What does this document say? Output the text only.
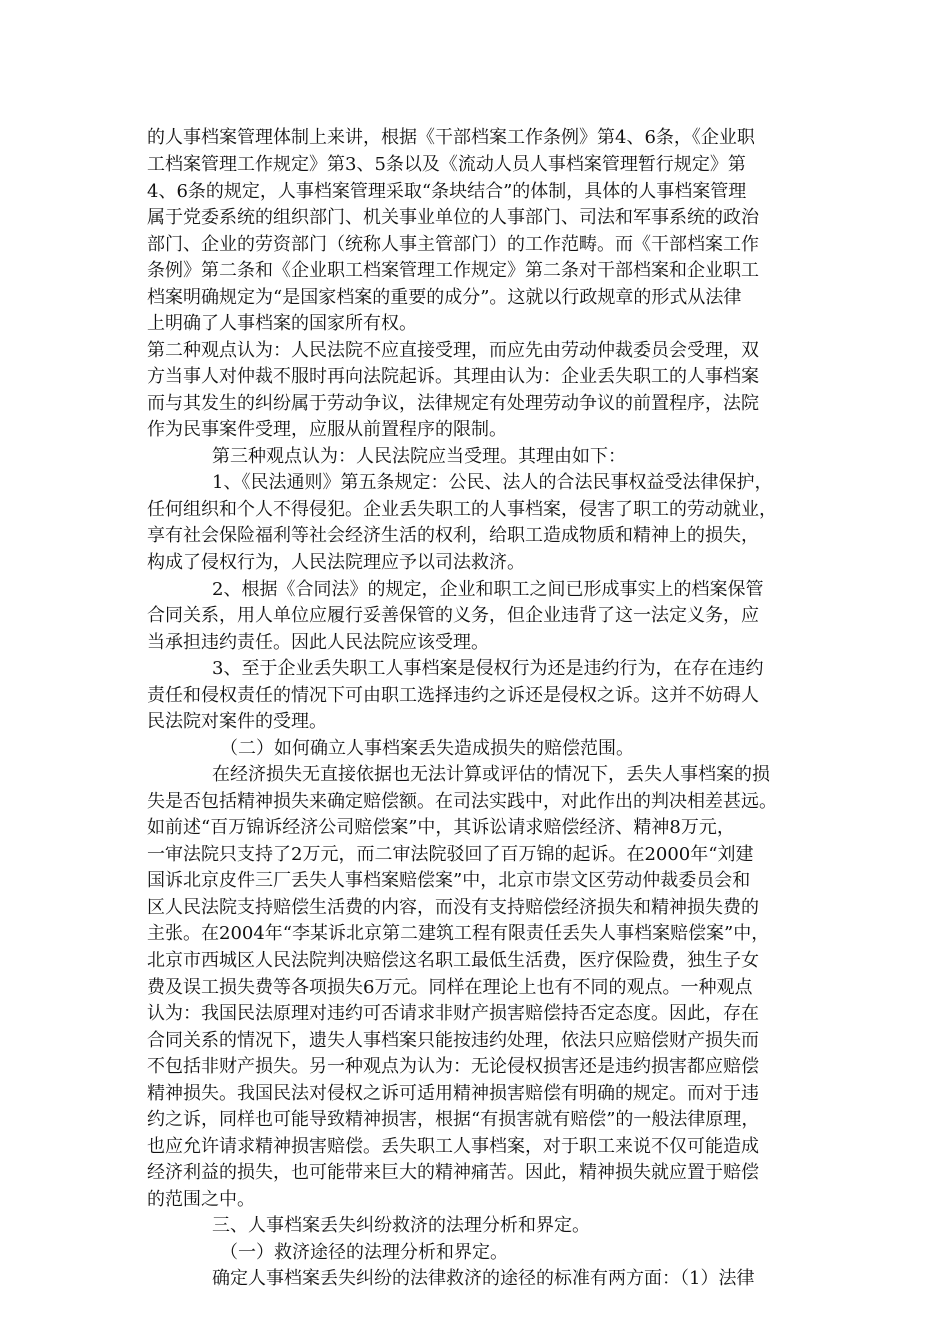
的人事档案管理体制上来讲，根据《干部档案工作条例》第4、6条，《企业职
工档案管理工作规定》第3、5条以及《流动人员人事档案管理暂行规定》第
4、6条的规定，人事档案管理采取“条块结合”的体制，具体的人事档案管理
属于党委系统的组织部门、机关事业单位的人事部门、司法和军事系统的政治
部门、企业的劳资部门（统称人事主管部门）的工作范畴。而《干部档案工作
条例》第二条和《企业职工档案管理工作规定》第二条对干部档案和企业职工
档案明确规定为“是国家档案的重要的成分”。这就以行政规章的形式从法律
上明确了人事档案的国家所有权。
第二种观点认为：人民法院不应直接受理，而应先由劳动仲裁委员会受理，双
方当事人对仲裁不服时再向法院起诉。其理由认为：企业丢失职工的人事档案
而与其发生的纠纷属于劳动争议，法律规定有处理劳动争议的前置程序，法院
作为民事案件受理，应服从前置程序的限制。
第三种观点认为：人民法院应当受理。其理由如下：
1、《民法通则》第五条规定：公民、法人的合法民事权益受法律保护，
任何组织和个人不得侵犯。企业丢失职工的人事档案，侵害了职工的劳动就业，
享有社会保险福利等社会经济生活的权利，给职工造成物质和精神上的损失，
构成了侵权行为，人民法院理应予以司法救济。
2、根据《合同法》的规定，企业和职工之间已形成事实上的档案保管
合同关系，用人单位应履行妥善保管的义务，但企业违背了这一法定义务，应
当承担违约责任。因此人民法院应该受理。
3、至于企业丢失职工人事档案是侵权行为还是违约行为，在存在违约
责任和侵权责任的情况下可由职工选择违约之诉还是侵权之诉。这并不妨碍人
民法院对案件的受理。
（二）如何确立人事档案丢失造成损失的赔偿范围。
在经济损失无直接依据也无法计算或评估的情况下，丢失人事档案的损
失是否包括精神损失来确定赔偿额。在司法实践中，对此作出的判决相差甚远。
如前述“百万锦诉经济公司赔偿案”中，其诉讼请求赔偿经济、精神8万元，
一审法院只支持了2万元，而二审法院驳回了百万锦的起诉。在2000年“刘建
国诉北京皮件三厂丢失人事档案赔偿案”中，北京市崇文区劳动仲裁委员会和
区人民法院支持赔偿生活费的内容，而没有支持赔偿经济损失和精神损失费的
主张。在2004年“李某诉北京第二建筑工程有限责任丢失人事档案赔偿案”中，
北京市西城区人民法院判决赔偿这名职工最低生活费，医疗保险费，独生子女
费及误工损失费等各项损失6万元。同样在理论上也有不同的观点。一种观点
认为：我国民法原理对违约可否请求非财产损害赔偿持否定态度。因此，存在
合同关系的情况下，遗失人事档案只能按违约处理，依法只应赔偿财产损失而
不包括非财产损失。另一种观点为认为：无论侵权损害还是违约损害都应赔偿
精神损失。我国民法对侵权之诉可适用精神损害赔偿有明确的规定。而对于违
约之诉，同样也可能导致精神损害，根据“有损害就有赔偿”的一般法律原理，
也应允许请求精神损害赔偿。丢失职工人事档案，对于职工来说不仅可能造成
经济利益的损失，也可能带来巨大的精神痛苦。因此，精神损失就应置于赔偿
的范围之中。
三、人事档案丢失纠纷救济的法理分析和界定。
（一）救济途径的法理分析和界定。
确定人事档案丢失纠纷的法律救济的途径的标准有两方面：（1）法律
